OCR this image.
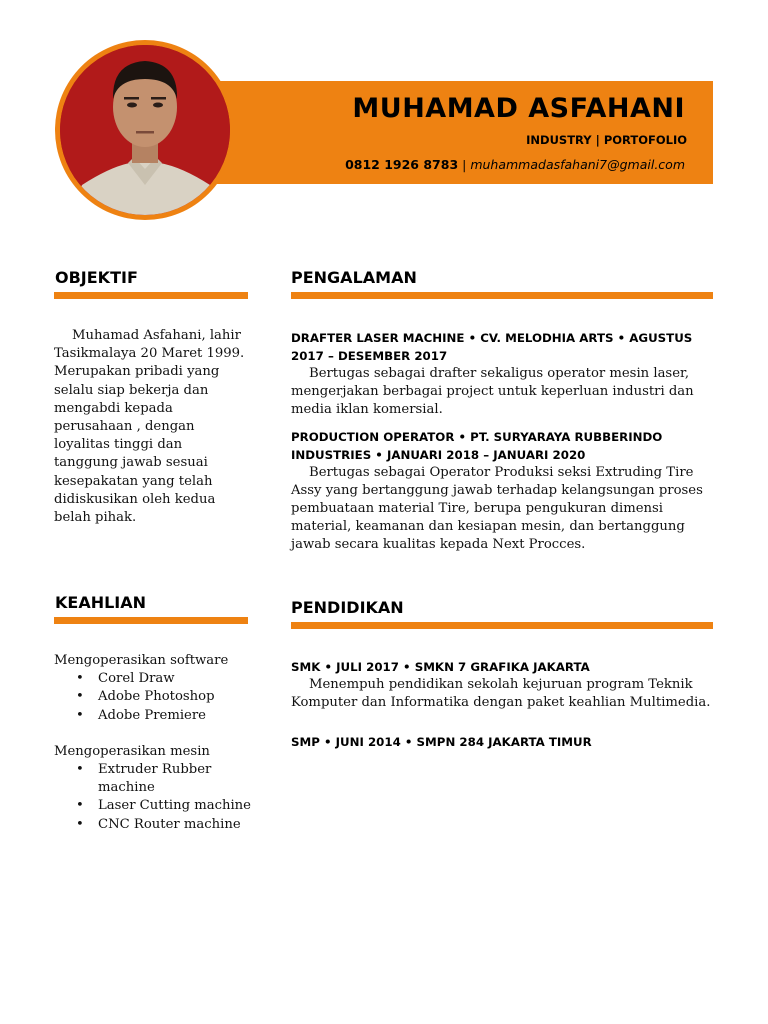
MUHAMAD ASFAHANI
INDUSTRY | PORTOFOLIO
0812 1926 8783 | muhammadasfahani7@gmail.com
OBJEKTIF
Muhamad Asfahani, lahir Tasikmalaya 20 Maret 1999. Merupakan pribadi yang selalu siap bekerja dan mengabdi kepada perusahaan , dengan loyalitas tinggi dan tanggung jawab sesuai kesepakatan yang telah didiskusikan oleh kedua belah pihak.
KEAHLIAN
Mengoperasikan software
• Corel Draw
• Adobe Photoshop
• Adobe Premiere
Mengoperasikan mesin
• Extruder Rubber machine
• Laser Cutting machine
• CNC Router machine
PENGALAMAN
DRAFTER LASER MACHINE • CV. MELODHIA ARTS • AGUSTUS 2017 – DESEMBER 2017
Bertugas sebagai drafter sekaligus operator mesin laser, mengerjakan berbagai project untuk keperluan industri dan media iklan komersial.
PRODUCTION OPERATOR • PT. SURYARAYA RUBBERINDO INDUSTRIES • JANUARI 2018 – JANUARI 2020
Bertugas sebagai Operator Produksi seksi Extruding Tire Assy yang bertanggung jawab terhadap kelangsungan proses pembuataan material Tire, berupa pengukuran dimensi material, keamanan dan kesiapan mesin, dan bertanggung jawab secara kualitas kepada Next Procces.
PENDIDIKAN
SMK • JULI 2017 • SMKN 7 GRAFIKA JAKARTA
Menempuh pendidikan sekolah kejuruan program Teknik Komputer dan Informatika dengan paket keahlian Multimedia.
SMP • JUNI 2014 • SMPN 284 JAKARTA TIMUR
